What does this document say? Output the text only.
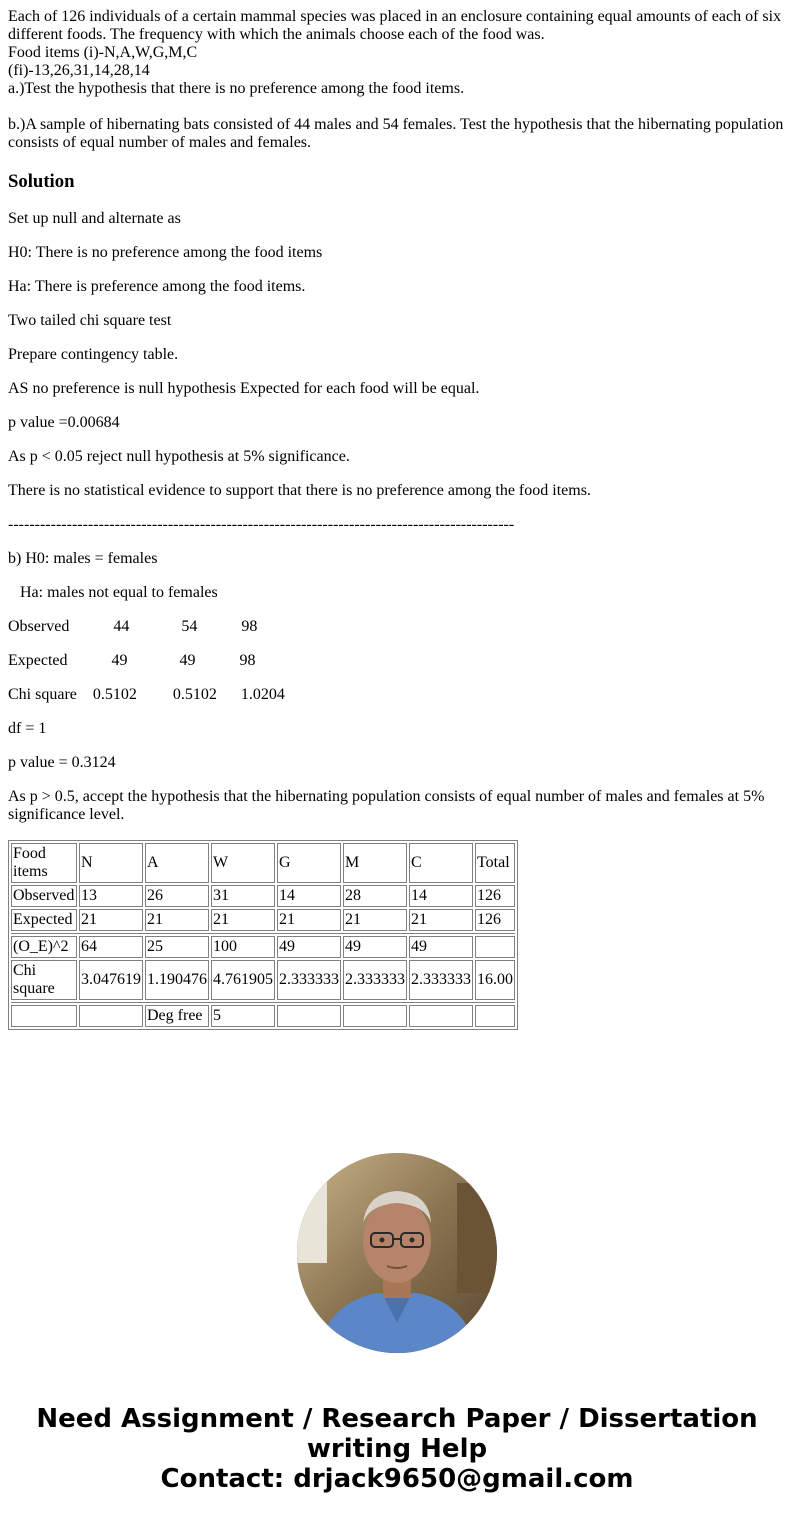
Each of 126 individuals of a certain mammal species was placed in an enclosure containing equal amounts of each of six different foods. The frequency with which the animals choose each of the food was.
Food items (i)-N,A,W,G,M,C
(fi)-13,26,31,14,28,14
a.)Test the hypothesis that there is no preference among the food items.
b.)A sample of hibernating bats consisted of 44 males and 54 females. Test the hypothesis that the hibernating population consists of equal number of males and females.
Solution

Set up null and alternate as

H0: There is no preference among the food items

Ha: There is preference among the food items.

Two tailed chi square test

Prepare contingency table.

AS no preference is null hypothesis Expected for each food will be equal.

p value =0.00684

As p < 0.05 reject null hypothesis at 5% significance.

There is no statistical evidence to support that there is no preference among the food items.

-----------------------------------------------------------------------------------------------

b) H0: males = females

Ha: males not equal to females

Observed           44             54           98

Expected           49             49           98

Chi square    0.5102         0.5102      1.0204

df = 1

p value = 0.3124

As p > 0.5, accept the hypothesis that the hibernating population consists of equal number of males and females at 5% significance level.

Food items	N	A	W	G	M	C	Total
Observed	13	26	31	14	28	14	126
Expected	21	21	21	21	21	21	126

(O_E)^2	64	25	100	49	49	49	
Chi square	3.047619	1.190476	4.761905	2.333333	2.333333	2.333333	16.00

		Deg free	5				
Need Assignment / Research Paper / Dissertation
writing Help
Contact: drjack9650@gmail.com
